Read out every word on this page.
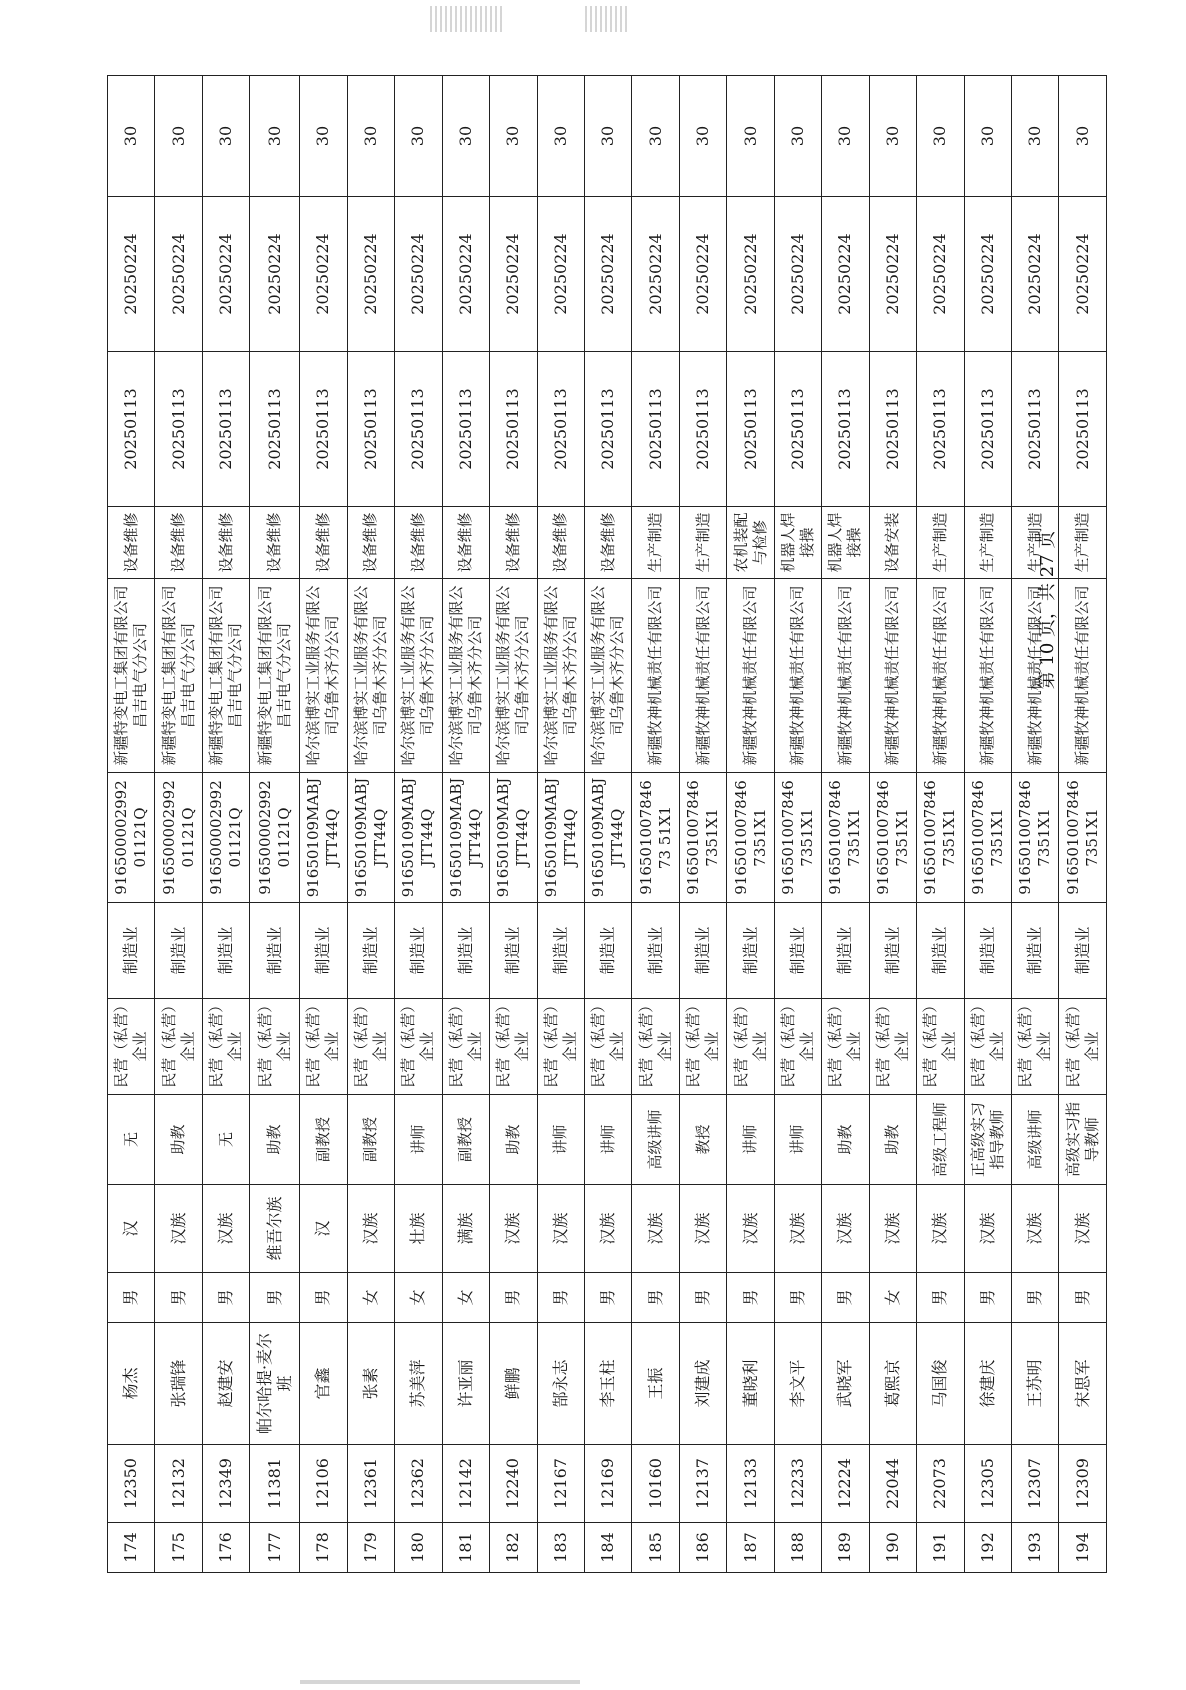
174	12350	杨杰	男	汉	无	民营（私营）企业	制造业	91650000299201121Q	新疆特变电工集团有限公司昌吉电气分公司	设备维修	20250113	20250224	30
175	12132	张瑞锋	男	汉族	助教	民营（私营）企业	制造业	91650000299201121Q	新疆特变电工集团有限公司昌吉电气分公司	设备维修	20250113	20250224	30
176	12349	赵建安	男	汉族	无	民营（私营）企业	制造业	91650000299201121Q	新疆特变电工集团有限公司昌吉电气分公司	设备维修	20250113	20250224	30
177	11381	帕尔哈提·麦尔班	男	维吾尔族	助教	民营（私营）企业	制造业	91650000299201121Q	新疆特变电工集团有限公司昌吉电气分公司	设备维修	20250113	20250224	30
178	12106	官鑫	男	汉	副教授	民营（私营）企业	制造业	91650109MABJJTT44Q	哈尔滨博实工业服务有限公司乌鲁木齐分公司	设备维修	20250113	20250224	30
179	12361	张素	女	汉族	副教授	民营（私营）企业	制造业	91650109MABJJTT44Q	哈尔滨博实工业服务有限公司乌鲁木齐分公司	设备维修	20250113	20250224	30
180	12362	苏美萍	女	壮族	讲师	民营（私营）企业	制造业	91650109MABJJTT44Q	哈尔滨博实工业服务有限公司乌鲁木齐分公司	设备维修	20250113	20250224	30
181	12142	许亚丽	女	满族	副教授	民营（私营）企业	制造业	91650109MABJJTT44Q	哈尔滨博实工业服务有限公司乌鲁木齐分公司	设备维修	20250113	20250224	30
182	12240	鲜鹏	男	汉族	助教	民营（私营）企业	制造业	91650109MABJJTT44Q	哈尔滨博实工业服务有限公司乌鲁木齐分公司	设备维修	20250113	20250224	30
183	12167	郜永志	男	汉族	讲师	民营（私营）企业	制造业	91650109MABJJTT44Q	哈尔滨博实工业服务有限公司乌鲁木齐分公司	设备维修	20250113	20250224	30
184	12169	李玉柱	男	汉族	讲师	民营（私营）企业	制造业	91650109MABJJTT44Q	哈尔滨博实工业服务有限公司乌鲁木齐分公司	设备维修	20250113	20250224	30
185	10160	王振	男	汉族	高级讲师	民营（私营）企业	制造业	91650100784673 51X1	新疆牧神机械责任有限公司	生产制造	20250113	20250224	30
186	12137	刘建成	男	汉族	教授	民营（私营）企业	制造业	9165010078467351X1	新疆牧神机械责任有限公司	生产制造	20250113	20250224	30
187	12133	董晓利	男	汉族	讲师	民营（私营）企业	制造业	9165010078467351X1	新疆牧神机械责任有限公司	农机装配与检修	20250113	20250224	30
188	12233	李文平	男	汉族	讲师	民营（私营）企业	制造业	9165010078467351X1	新疆牧神机械责任有限公司	机器人焊接操	20250113	20250224	30
189	12224	武晓军	男	汉族	助教	民营（私营）企业	制造业	9165010078467351X1	新疆牧神机械责任有限公司	机器人焊接操	20250113	20250224	30
190	22044	葛熙京	女	汉族	助教	民营（私营）企业	制造业	9165010078467351X1	新疆牧神机械责任有限公司	设备安装	20250113	20250224	30
191	22073	马国俊	男	汉族	高级工程师	民营（私营）企业	制造业	9165010078467351X1	新疆牧神机械责任有限公司	生产制造	20250113	20250224	30
192	12305	徐建庆	男	汉族	正高级实习指导教师	民营（私营）企业	制造业	9165010078467351X1	新疆牧神机械责任有限公司	生产制造	20250113	20250224	30
193	12307	王苏明	男	汉族	高级讲师	民营（私营）企业	制造业	9165010078467351X1	新疆牧神机械责任有限公司	生产制造	20250113	20250224	30
194	12309	宋思军	男	汉族	高级实习指导教师	民营（私营）企业	制造业	9165010078467351X1	新疆牧神机械责任有限公司	生产制造	20250113	20250224	30
第 10 页，共 27 页
